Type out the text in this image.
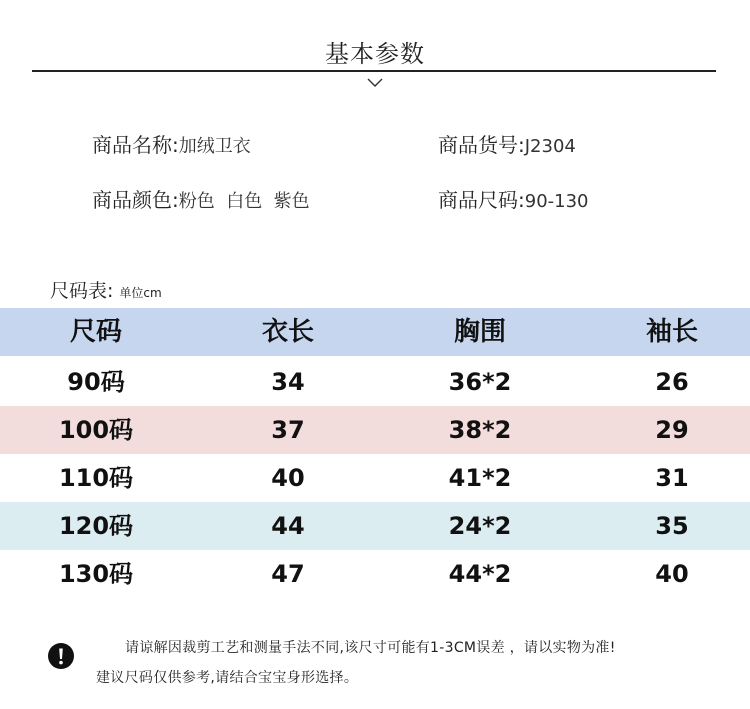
基本参数
商品名称:加绒卫衣	商品货号:J2304
商品颜色:粉色  白色  紫色	商品尺码:90-130
尺码表: 单位cm
尺码	衣长	胸围	袖长
90码	34	36*2	26
100码	37	38*2	29
110码	40	41*2	31
120码	44	24*2	35
130码	47	44*2	40
请谅解因裁剪工艺和测量手法不同,该尺寸可能有1-3CM误差 ，请以实物为准!
建议尺码仅供参考,请结合宝宝身形选择。
